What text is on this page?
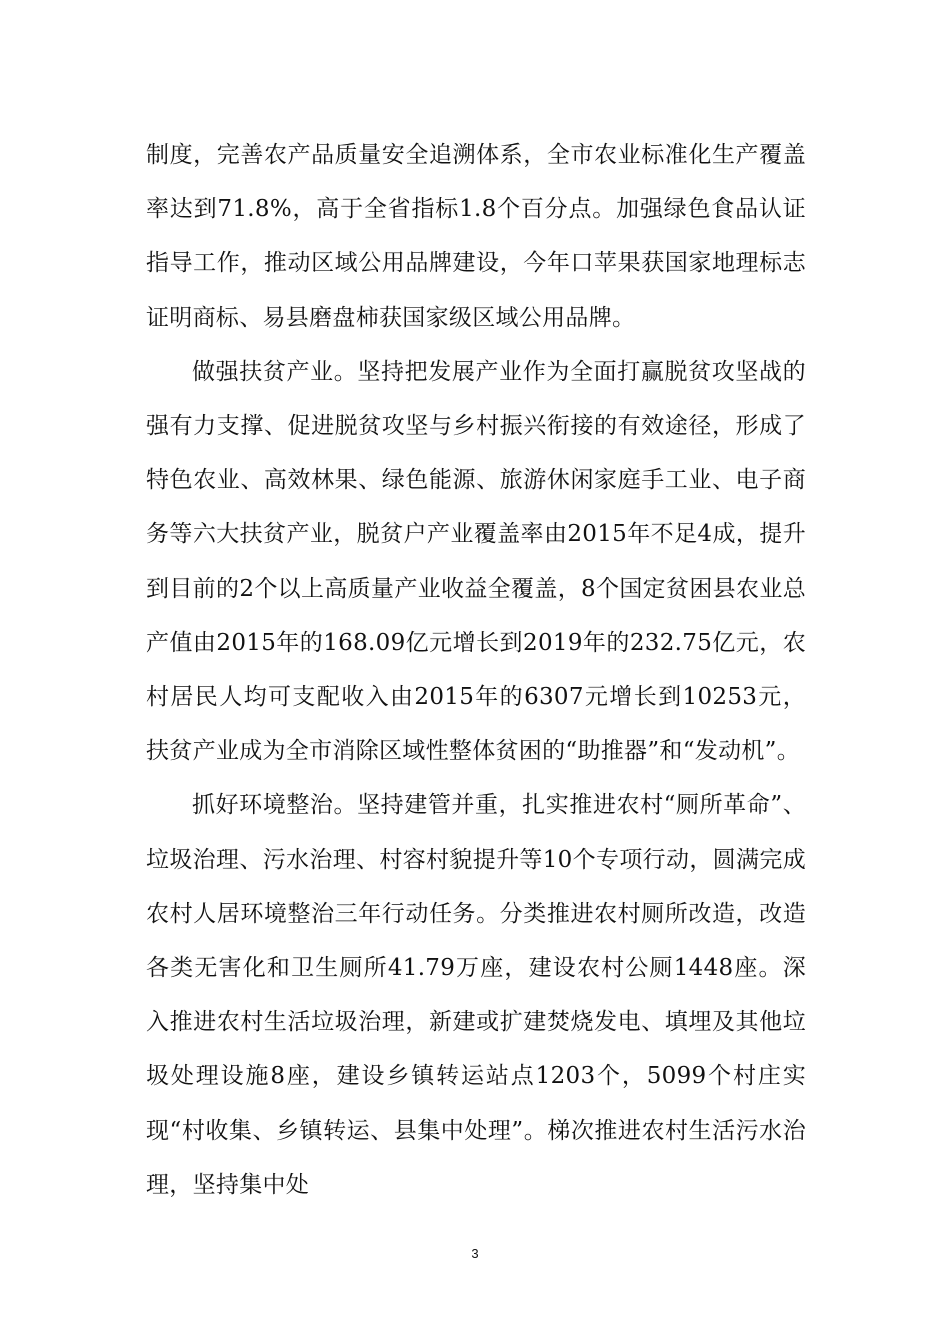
制度，完善农产品质量安全追溯体系，全市农业标准化生产覆盖率达到71.8%，高于全省指标1.8个百分点。加强绿色食品认证指导工作，推动区域公用品牌建设，今年口苹果获国家地理标志证明商标、易县磨盘柿获国家级区域公用品牌。

做强扶贫产业。坚持把发展产业作为全面打赢脱贫攻坚战的强有力支撑、促进脱贫攻坚与乡村振兴衔接的有效途径，形成了特色农业、高效林果、绿色能源、旅游休闲家庭手工业、电子商务等六大扶贫产业，脱贫户产业覆盖率由2015年不足4成，提升到目前的2个以上高质量产业收益全覆盖，8个国定贫困县农业总产值由2015年的168.09亿元增长到2019年的232.75亿元，农村居民人均可支配收入由2015年的6307元增长到10253元，扶贫产业成为全市消除区域性整体贫困的“助推器”和“发动机”。

抓好环境整治。坚持建管并重，扎实推进农村“厕所革命”、垃圾治理、污水治理、村容村貌提升等10个专项行动，圆满完成农村人居环境整治三年行动任务。分类推进农村厕所改造，改造各类无害化和卫生厕所41.79万座，建设农村公厕1448座。深入推进农村生活垃圾治理，新建或扩建焚烧发电、填埋及其他垃圾处理设施8座，建设乡镇转运站点1203个，5099个村庄实现“村收集、乡镇转运、县集中处理”。梯次推进农村生活污水治理，坚持集中处

3
